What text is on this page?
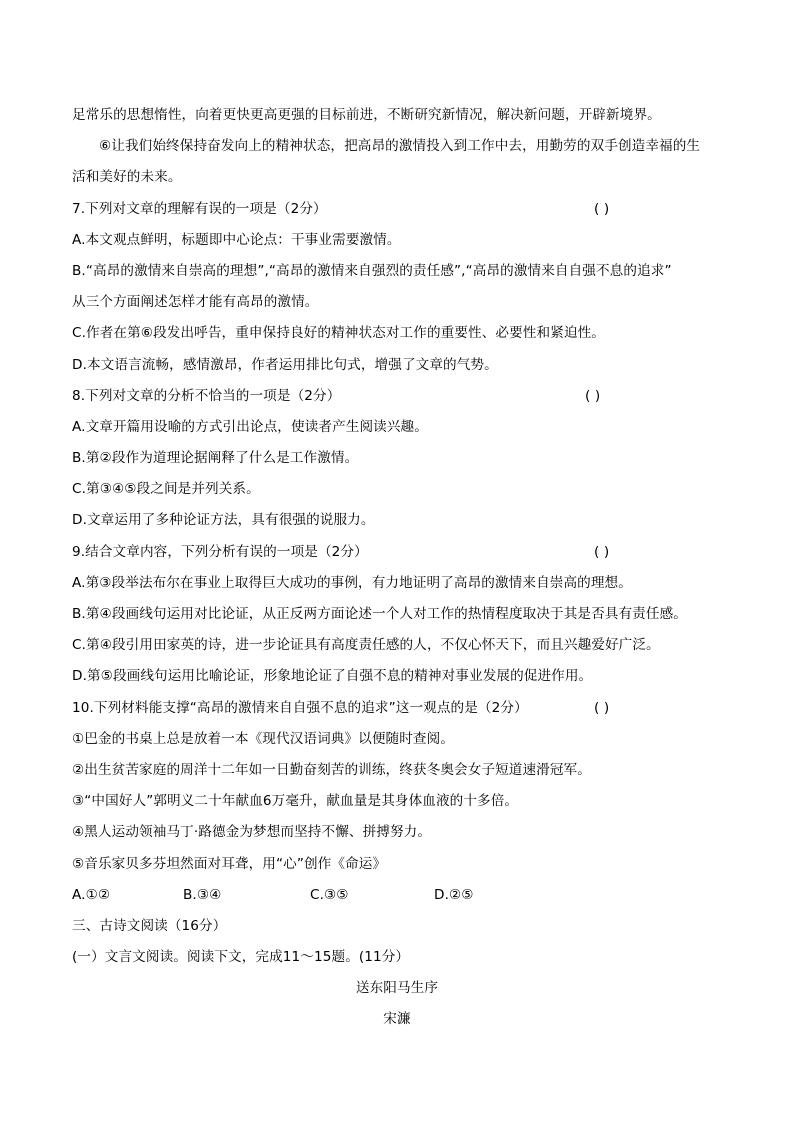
足常乐的思想惰性，向着更快更高更强的目标前进，不断研究新情况，解决新问题，开辟新境界。
⑥让我们始终保持奋发向上的精神状态，把高昂的激情投入到工作中去，用勤劳的双手创造幸福的生
活和美好的未来。
7.下列对文章的理解有误的一项是（2分）	( )
A.本文观点鲜明，标题即中心论点：干事业需要激情。
B.“高昂的激情来自崇高的理想”,“高昂的激情来自强烈的责任感”,“高昂的激情来自自强不息的追求”
从三个方面阐述怎样才能有高昂的激情。
C.作者在第⑥段发出呼告，重申保持良好的精神状态对工作的重要性、必要性和紧迫性。
D.本文语言流畅，感情激昂，作者运用排比句式，增强了文章的气势。
8.下列对文章的分析不恰当的一项是（2分）	( )
A.文章开篇用设喻的方式引出论点，使读者产生阅读兴趣。
B.第②段作为道理论据阐释了什么是工作激情。
C.第③④⑤段之间是并列关系。
D.文章运用了多种论证方法，具有很强的说服力。
9.结合文章内容，下列分析有误的一项是（2分）	( )
A.第③段举法布尔在事业上取得巨大成功的事例，有力地证明了高昂的激情来自崇高的理想。
B.第④段画线句运用对比论证，从正反两方面论述一个人对工作的热情程度取决于其是否具有责任感。
C.第④段引用田家英的诗，进一步论证具有高度责任感的人，不仅心怀天下，而且兴趣爱好广泛。
D.第⑤段画线句运用比喻论证，形象地论证了自强不息的精神对事业发展的促进作用。
10.下列材料能支撑“高昂的激情来自自强不息的追求”这一观点的是（2分）	( )
①巴金的书桌上总是放着一本《现代汉语词典》以便随时查阅。
②出生贫苦家庭的周洋十二年如一日勤奋刻苦的训练，终获冬奥会女子短道速滑冠军。
③“中国好人”郭明义二十年献血6万毫升，献血量是其身体血液的十多倍。
④黑人运动领袖马丁·路德金为梦想而坚持不懈、拼搏努力。
⑤音乐家贝多芬坦然面对耳聋，用“心”创作《命运》
A.①②	B.③④	C.③⑤	D.②⑤
三、古诗文阅读（16分）
(一）文言文阅读。阅读下文，完成11～15题。(11分）
送东阳马生序
宋濂
